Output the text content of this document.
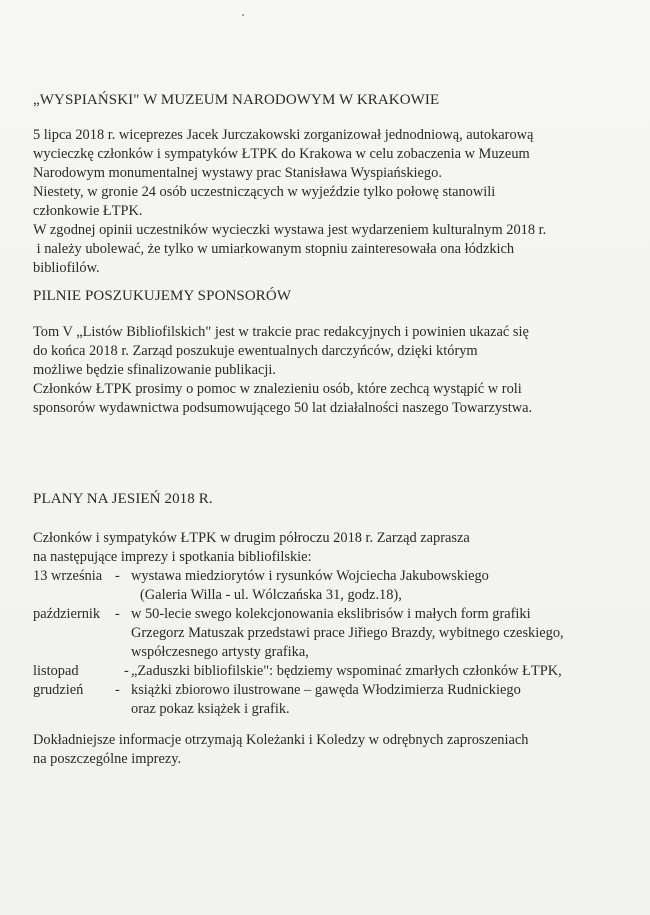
„WYSPIAŃSKI" W MUZEUM NARODOWYM W KRAKOWIE

5 lipca 2018 r. wiceprezes Jacek Jurczakowski zorganizował jednodniową, autokarową
wycieczkę członków i sympatyków ŁTPK do Krakowa w celu zobaczenia w Muzeum
Narodowym monumentalnej wystawy prac Stanisława Wyspiańskiego.
Niestety, w gronie 24 osób uczestniczących w wyjeździe tylko połowę stanowili
członkowie ŁTPK.
W zgodnej opinii uczestników wycieczki wystawa jest wydarzeniem kulturalnym 2018 r.
i należy ubolewać, że tylko w umiarkowanym stopniu zainteresowała ona łódzkich
bibliofilów.

PILNIE POSZUKUJEMY SPONSORÓW

Tom V „Listów Bibliofilskich" jest w trakcie prac redakcyjnych i powinien ukazać się
do końca 2018 r. Zarząd poszukuje ewentualnych darczyńców, dzięki którym
możliwe będzie sfinalizowanie publikacji.
Członków ŁTPK prosimy o pomoc w znalezieniu osób, które zechcą wystąpić w roli
sponsorów wydawnictwa podsumowującego 50 lat działalności naszego Towarzystwa.

PLANY NA JESIEŃ 2018 R.

Członków i sympatyków ŁTPK w drugim półroczu 2018 r. Zarząd zaprasza
na następujące imprezy i spotkania bibliofilskie:

13 września - wystawa miedziorytów i rysunków Wojciecha Jakubowskiego
(Galeria Willa - ul. Wólczańska 31, godz.18),
październik - w 50-lecie swego kolekcjonowania ekslibrisów i małych form grafiki
Grzegorz Matuszak przedstawi prace Jiřiego Brazdy, wybitnego czeskiego,
współczesnego artysty grafika,
listopad	- „Zaduszki bibliofilskie": będziemy wspominać zmarłych członków ŁTPK,
grudzień - książki zbiorowo ilustrowane – gawęda Włodzimierza Rudnickiego
oraz pokaz książek i grafik.

Dokładniejsze informacje otrzymają Koleżanki i Koledzy w odrębnych zaproszeniach
na poszczególne imprezy.
